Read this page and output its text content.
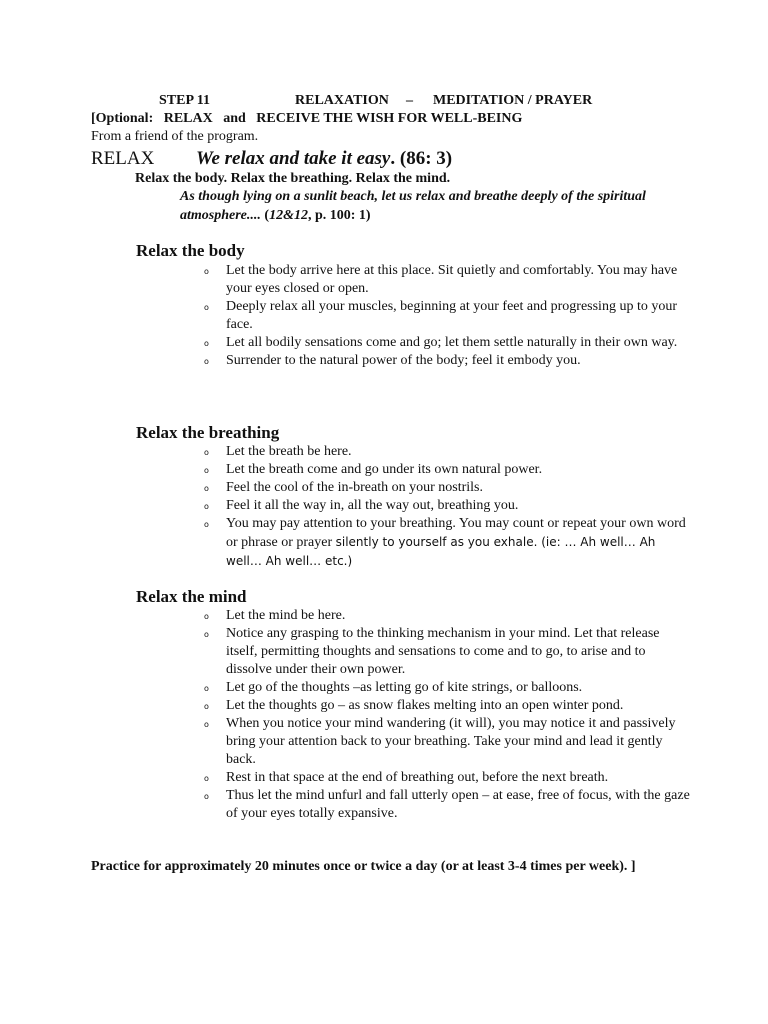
STEP 11	RELAXATION – MEDITATION / PRAYER
[Optional:   RELAX   and   RECEIVE THE WISH FOR WELL-BEING
From a friend of the program.
RELAX We relax and take it easy. (86: 3)
Relax the body. Relax the breathing. Relax the mind.
As though lying on a sunlit beach, let us relax and breathe deeply of the spiritual atmosphere.... (12&12, p. 100: 1)
Relax the body
o Let the body arrive here at this place. Sit quietly and comfortably. You may have your eyes closed or open.
o Deeply relax all your muscles, beginning at your feet and progressing up to your face.
o Let all bodily sensations come and go; let them settle naturally in their own way.
o Surrender to the natural power of the body; feel it embody you.
Relax the breathing
o Let the breath be here.
o Let the breath come and go under its own natural power.
o Feel the cool of the in-breath on your nostrils.
o Feel it all the way in, all the way out, breathing you.
o You may pay attention to your breathing. You may count or repeat your own word or phrase or prayer silently to yourself as you exhale. (ie: … Ah well… Ah well… Ah well… etc.)
Relax the mind
o Let the mind be here.
o Notice any grasping to the thinking mechanism in your mind. Let that release itself, permitting thoughts and sensations to come and to go, to arise and to dissolve under their own power.
o Let go of the thoughts –as letting go of kite strings, or balloons.
o Let the thoughts go – as snow flakes melting into an open winter pond.
o When you notice your mind wandering (it will), you may notice it and passively bring your attention back to your breathing. Take your mind and lead it gently back.
o Rest in that space at the end of breathing out, before the next breath.
o Thus let the mind unfurl and fall utterly open – at ease, free of focus, with the gaze of your eyes totally expansive.
Practice for approximately 20 minutes once or twice a day (or at least 3-4 times per week). ]
